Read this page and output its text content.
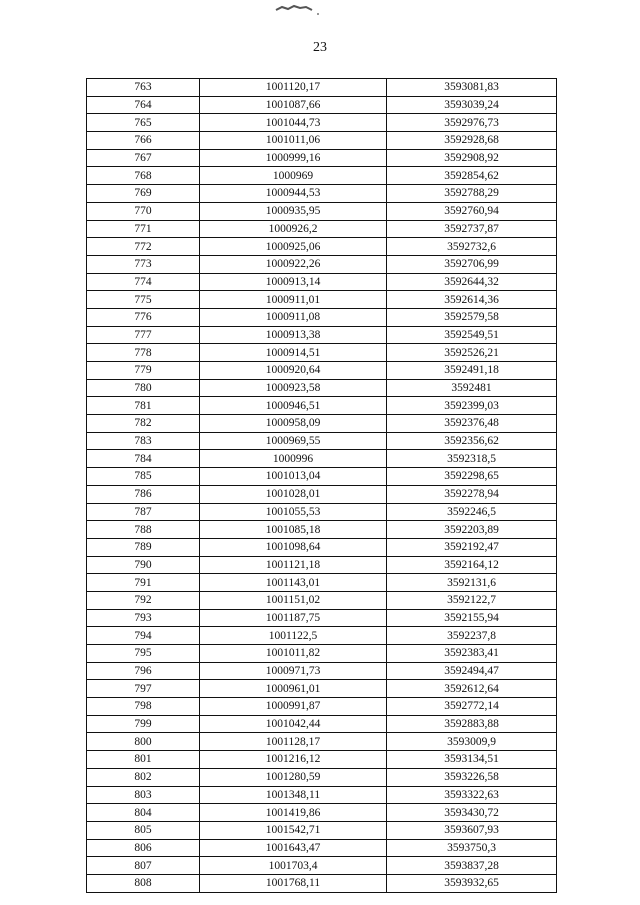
23
763	1001120,17	3593081,83
764	1001087,66	3593039,24
765	1001044,73	3592976,73
766	1001011,06	3592928,68
767	1000999,16	3592908,92
768	1000969	3592854,62
769	1000944,53	3592788,29
770	1000935,95	3592760,94
771	1000926,2	3592737,87
772	1000925,06	3592732,6
773	1000922,26	3592706,99
774	1000913,14	3592644,32
775	1000911,01	3592614,36
776	1000911,08	3592579,58
777	1000913,38	3592549,51
778	1000914,51	3592526,21
779	1000920,64	3592491,18
780	1000923,58	3592481
781	1000946,51	3592399,03
782	1000958,09	3592376,48
783	1000969,55	3592356,62
784	1000996	3592318,5
785	1001013,04	3592298,65
786	1001028,01	3592278,94
787	1001055,53	3592246,5
788	1001085,18	3592203,89
789	1001098,64	3592192,47
790	1001121,18	3592164,12
791	1001143,01	3592131,6
792	1001151,02	3592122,7
793	1001187,75	3592155,94
794	1001122,5	3592237,8
795	1001011,82	3592383,41
796	1000971,73	3592494,47
797	1000961,01	3592612,64
798	1000991,87	3592772,14
799	1001042,44	3592883,88
800	1001128,17	3593009,9
801	1001216,12	3593134,51
802	1001280,59	3593226,58
803	1001348,11	3593322,63
804	1001419,86	3593430,72
805	1001542,71	3593607,93
806	1001643,47	3593750,3
807	1001703,4	3593837,28
808	1001768,11	3593932,65
